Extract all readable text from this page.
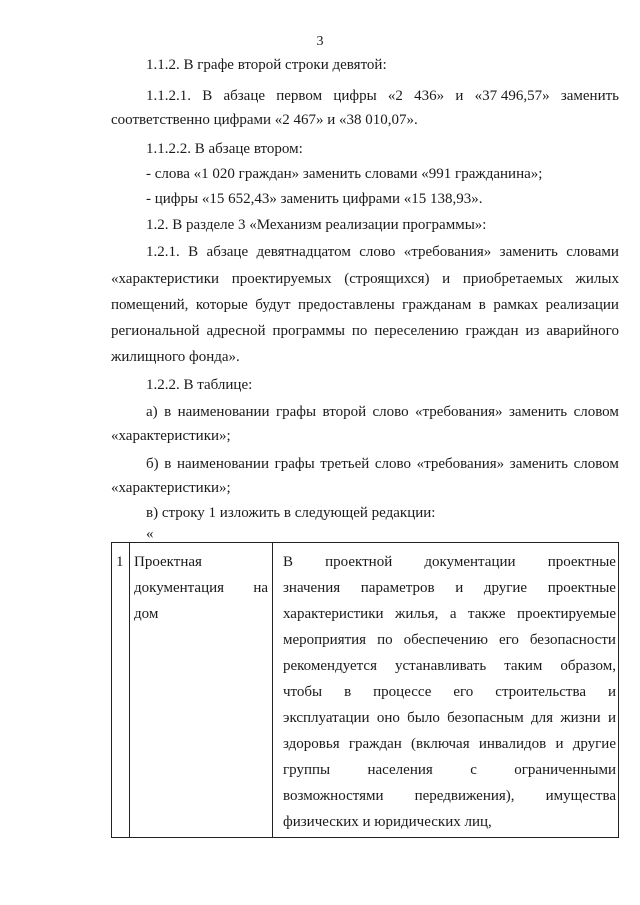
3
1.1.2. В графе второй строки девятой:
1.1.2.1. В абзаце первом цифры «2 436» и «37 496,57» заменить
соответственно цифрами «2 467» и «38 010,07».
1.1.2.2. В абзаце втором:
- слова «1 020 граждан» заменить словами «991 гражданина»;
- цифры «15 652,43» заменить цифрами «15 138,93».
1.2. В разделе 3 «Механизм реализации программы»:
1.2.1. В абзаце девятнадцатом слово «требования» заменить словами
«характеристики проектируемых (строящихся) и приобретаемых жилых
помещений, которые будут предоставлены гражданам в рамках реализации
региональной адресной программы по переселению граждан из аварийного
жилищного фонда».
1.2.2. В таблице:
а) в наименовании графы второй слово «требования» заменить словом
«характеристики»;
б) в наименовании графы третьей слово «требования» заменить словом
«характеристики»;
в) строку 1 изложить в следующей редакции:
«
1 Проектная
документация на
дом
В проектной документации проектные
значения параметров и другие проектные
характеристики жилья, а также проектируемые
мероприятия по обеспечению его безопасности
рекомендуется устанавливать таким образом,
чтобы в процессе его строительства и
эксплуатации оно было безопасным для жизни и
здоровья граждан (включая инвалидов и другие
группы населения с ограниченными
возможностями передвижения), имущества
физических и юридических лиц,
